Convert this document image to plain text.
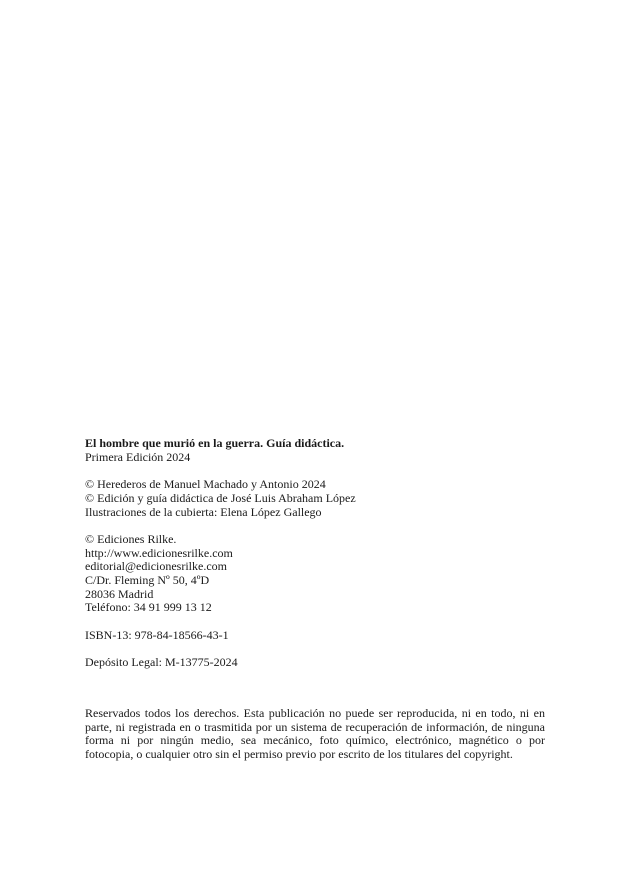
El hombre que murió en la guerra. Guía didáctica.
Primera Edición 2024
© Herederos de Manuel Machado y Antonio 2024
© Edición y guía didáctica de José Luis Abraham López
Ilustraciones de la cubierta: Elena López Gallego
© Ediciones Rilke.
http://www.edicionesrilke.com
editorial@edicionesrilke.com
C/Dr. Fleming Nº 50, 4ºD
28036 Madrid
Teléfono: 34 91 999 13 12
ISBN-13: 978-84-18566-43-1
Depósito Legal: M-13775-2024

Reservados todos los derechos. Esta publicación no puede ser reproducida, ni en todo, ni en parte, ni registrada en o trasmitida por un sistema de recuperación de información, de ninguna forma ni por ningún medio, sea mecánico, foto químico, electrónico, magnético o por fotocopia, o cualquier otro sin el permiso previo por escrito de los titulares del copyright.
